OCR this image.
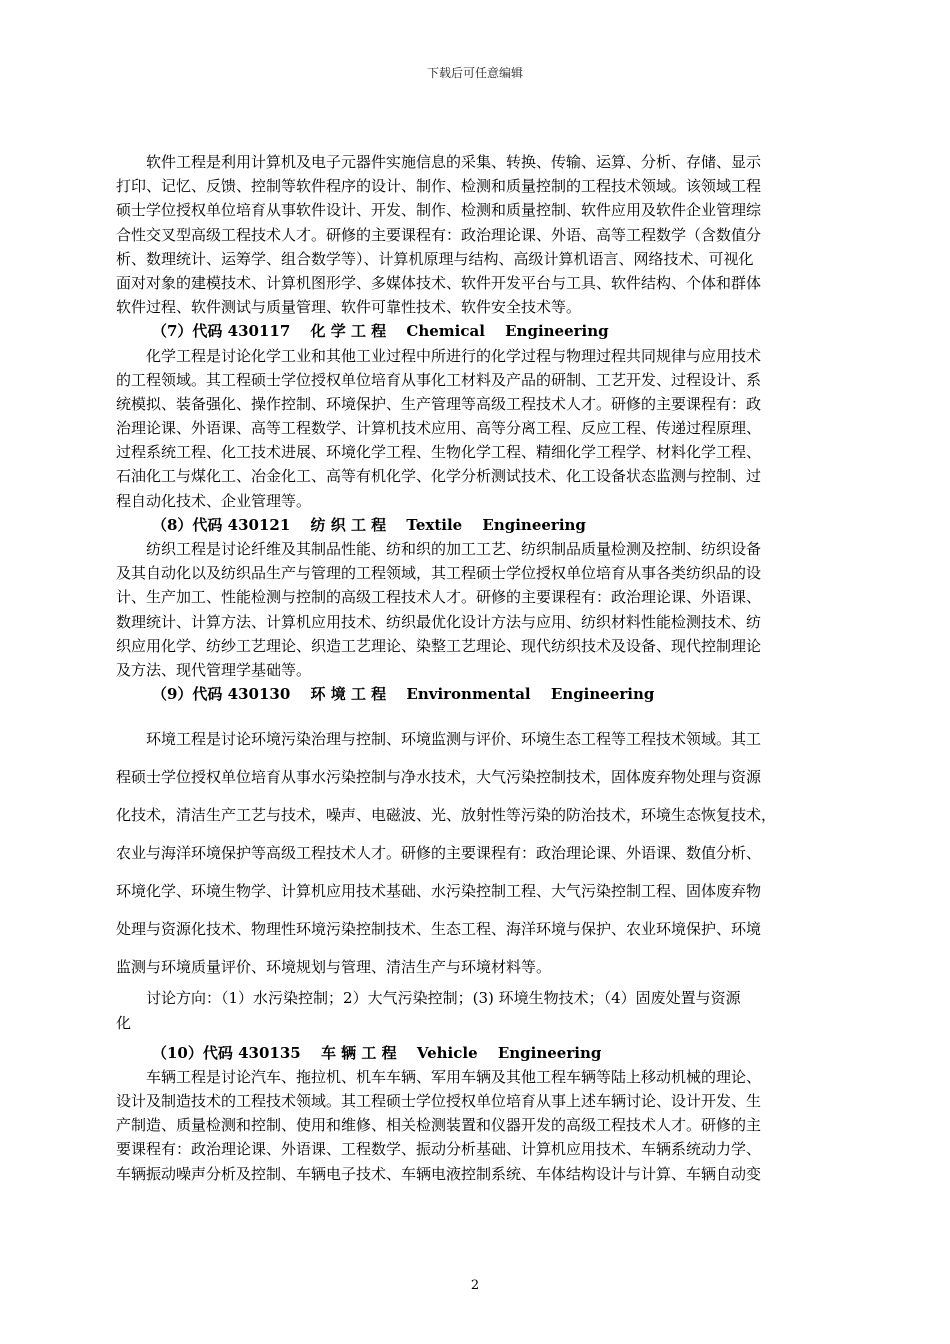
下载后可任意编辑
软件工程是利用计算机及电子元器件实施信息的采集、转换、传输、运算、分析、存储、显示
打印、记忆、反馈、控制等软件程序的设计、制作、检测和质量控制的工程技术领域。该领域工程
硕士学位授权单位培育从事软件设计、开发、制作、检测和质量控制、软件应用及软件企业管理综
合性交叉型高级工程技术人才。研修的主要课程有：政治理论课、外语、高等工程数学（含数值分
析、数理统计、运筹学、组合数学等）、计算机原理与结构、高级计算机语言、网络技术、可视化
面对对象的建模技术、计算机图形学、多媒体技术、软件开发平台与工具、软件结构、个体和群体
软件过程、软件测试与质量管理、软件可靠性技术、软件安全技术等。
（7）代码 430117　 化 学 工 程　 Chemical　 Engineering
化学工程是讨论化学工业和其他工业过程中所进行的化学过程与物理过程共同规律与应用技术
的工程领域。其工程硕士学位授权单位培育从事化工材料及产品的研制、工艺开发、过程设计、系
统模拟、装备强化、操作控制、环境保护、生产管理等高级工程技术人才。研修的主要课程有：政
治理论课、外语课、高等工程数学、计算机技术应用、高等分离工程、反应工程、传递过程原理、
过程系统工程、化工技术进展、环境化学工程、生物化学工程、精细化学工程学、材料化学工程、
石油化工与煤化工、冶金化工、高等有机化学、化学分析测试技术、化工设备状态监测与控制、过
程自动化技术、企业管理等。
（8）代码 430121　 纺 织 工 程　 Textile　 Engineering
纺织工程是讨论纤维及其制品性能、纺和织的加工工艺、纺织制品质量检测及控制、纺织设备
及其自动化以及纺织品生产与管理的工程领域，其工程硕士学位授权单位培育从事各类纺织品的设
计、生产加工、性能检测与控制的高级工程技术人才。研修的主要课程有：政治理论课、外语课、
数理统计、计算方法、计算机应用技术、纺织最优化设计方法与应用、纺织材料性能检测技术、纺
织应用化学、纺纱工艺理论、织造工艺理论、染整工艺理论、现代纺织技术及设备、现代控制理论
及方法、现代管理学基础等。
（9）代码 430130　 环 境 工 程　 Environmental　 Engineering
环境工程是讨论环境污染治理与控制、环境监测与评价、环境生态工程等工程技术领域。其工
程硕士学位授权单位培育从事水污染控制与净水技术，大气污染控制技术，固体废弃物处理与资源
化技术，清洁生产工艺与技术，噪声、电磁波、光、放射性等污染的防治技术，环境生态恢复技术，
农业与海洋环境保护等高级工程技术人才。研修的主要课程有：政治理论课、外语课、数值分析、
环境化学、环境生物学、计算机应用技术基础、水污染控制工程、大气污染控制工程、固体废弃物
处理与资源化技术、物理性环境污染控制技术、生态工程、海洋环境与保护、农业环境保护、环境
监测与环境质量评价、环境规划与管理、清洁生产与环境材料等。
讨论方向：（1）水污染控制；2）大气污染控制；(3) 环境生物技术；（4）固废处置与资源
化
（10）代码 430135　 车 辆 工 程　 Vehicle　 Engineering
车辆工程是讨论汽车、拖拉机、机车车辆、军用车辆及其他工程车辆等陆上移动机械的理论、
设计及制造技术的工程技术领域。其工程硕士学位授权单位培育从事上述车辆讨论、设计开发、生
产制造、质量检测和控制、使用和维修、相关检测装置和仪器开发的高级工程技术人才。研修的主
要课程有：政治理论课、外语课、工程数学、振动分析基础、计算机应用技术、车辆系统动力学、
车辆振动噪声分析及控制、车辆电子技术、车辆电液控制系统、车体结构设计与计算、车辆自动变
2
